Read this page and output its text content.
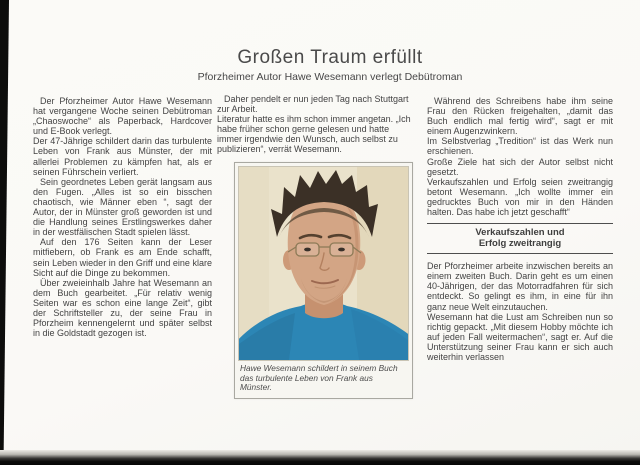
Großen Traum erfüllt
Pforzheimer Autor Hawe Wesemann verlegt Debütroman

Der Pforzheimer Autor Hawe Wesemann hat vergangene Woche seinen Debütroman „Chaoswoche“ als Paperback, Hardcover und E-Book verlegt.

Der 47-Jährige schildert darin das turbulente Leben von Frank aus Münster, der mit allerlei Problemen zu kämpfen hat, als er seinen Führschein verliert.

Sein geordnetes Leben gerät langsam aus den Fugen. „Alles ist so ein bisschen chaotisch, wie Männer eben “, sagt der Autor, der in Münster groß geworden ist und die Handlung seines Erstlingswerkes daher in der westfälischen Stadt spielen lässt.

Auf den 176 Seiten kann der Leser mitfiebern, ob Frank es am Ende schafft, sein Leben wieder in den Griff und eine klare Sicht auf die Dinge zu bekommen.

Über zweieinhalb Jahre hat Wesemann an dem Buch gearbeitet. „Für relativ wenig Seiten war es schon eine lange Zeit“, gibt der Schriftsteller zu, der seine Frau in Pforzheim kennengelernt und später selbst in die Goldstadt gezogen ist.

Daher pendelt er nun jeden Tag nach Stuttgart zur Arbeit.

Literatur hatte es ihm schon immer angetan. „Ich habe früher schon gerne gelesen und hatte immer irgendwie den Wunsch, auch selbst zu publizieren“, verrät Wesemann.

Hawe Wesemann schildert in seinem Buch das turbulente Leben von Frank aus Münster.

Während des Schreibens habe ihm seine Frau den Rücken freigehalten, „damit das Buch endlich mal fertig wird“, sagt er mit einem Augenzwinkern.

Im Selbstverlag „Tredition“ ist das Werk nun erschienen.

Große Ziele hat sich der Autor selbst nicht gesetzt.

Verkaufszahlen und Erfolg seien zweitrangig betont Wesemann. „Ich wollte immer ein gedrucktes Buch von mir in den Händen halten. Das habe ich jetzt geschafft“

Verkaufszahlen und
Erfolg zweitrangig

Der Pforzheimer arbeite inzwischen bereits an einem zweiten Buch. Darin geht es um einen 40-Jährigen, der das Motorradfahren für sich entdeckt. So gelingt es ihm, in eine für ihn ganz neue Welt einzutauchen.

Wesemann hat die Lust am Schreiben nun so richtig gepackt. „Mit diesem Hobby möchte ich auf jeden Fall weitermachen“, sagt er. Auf die Unterstützung seiner Frau kann er sich auch weiterhin verlassen
